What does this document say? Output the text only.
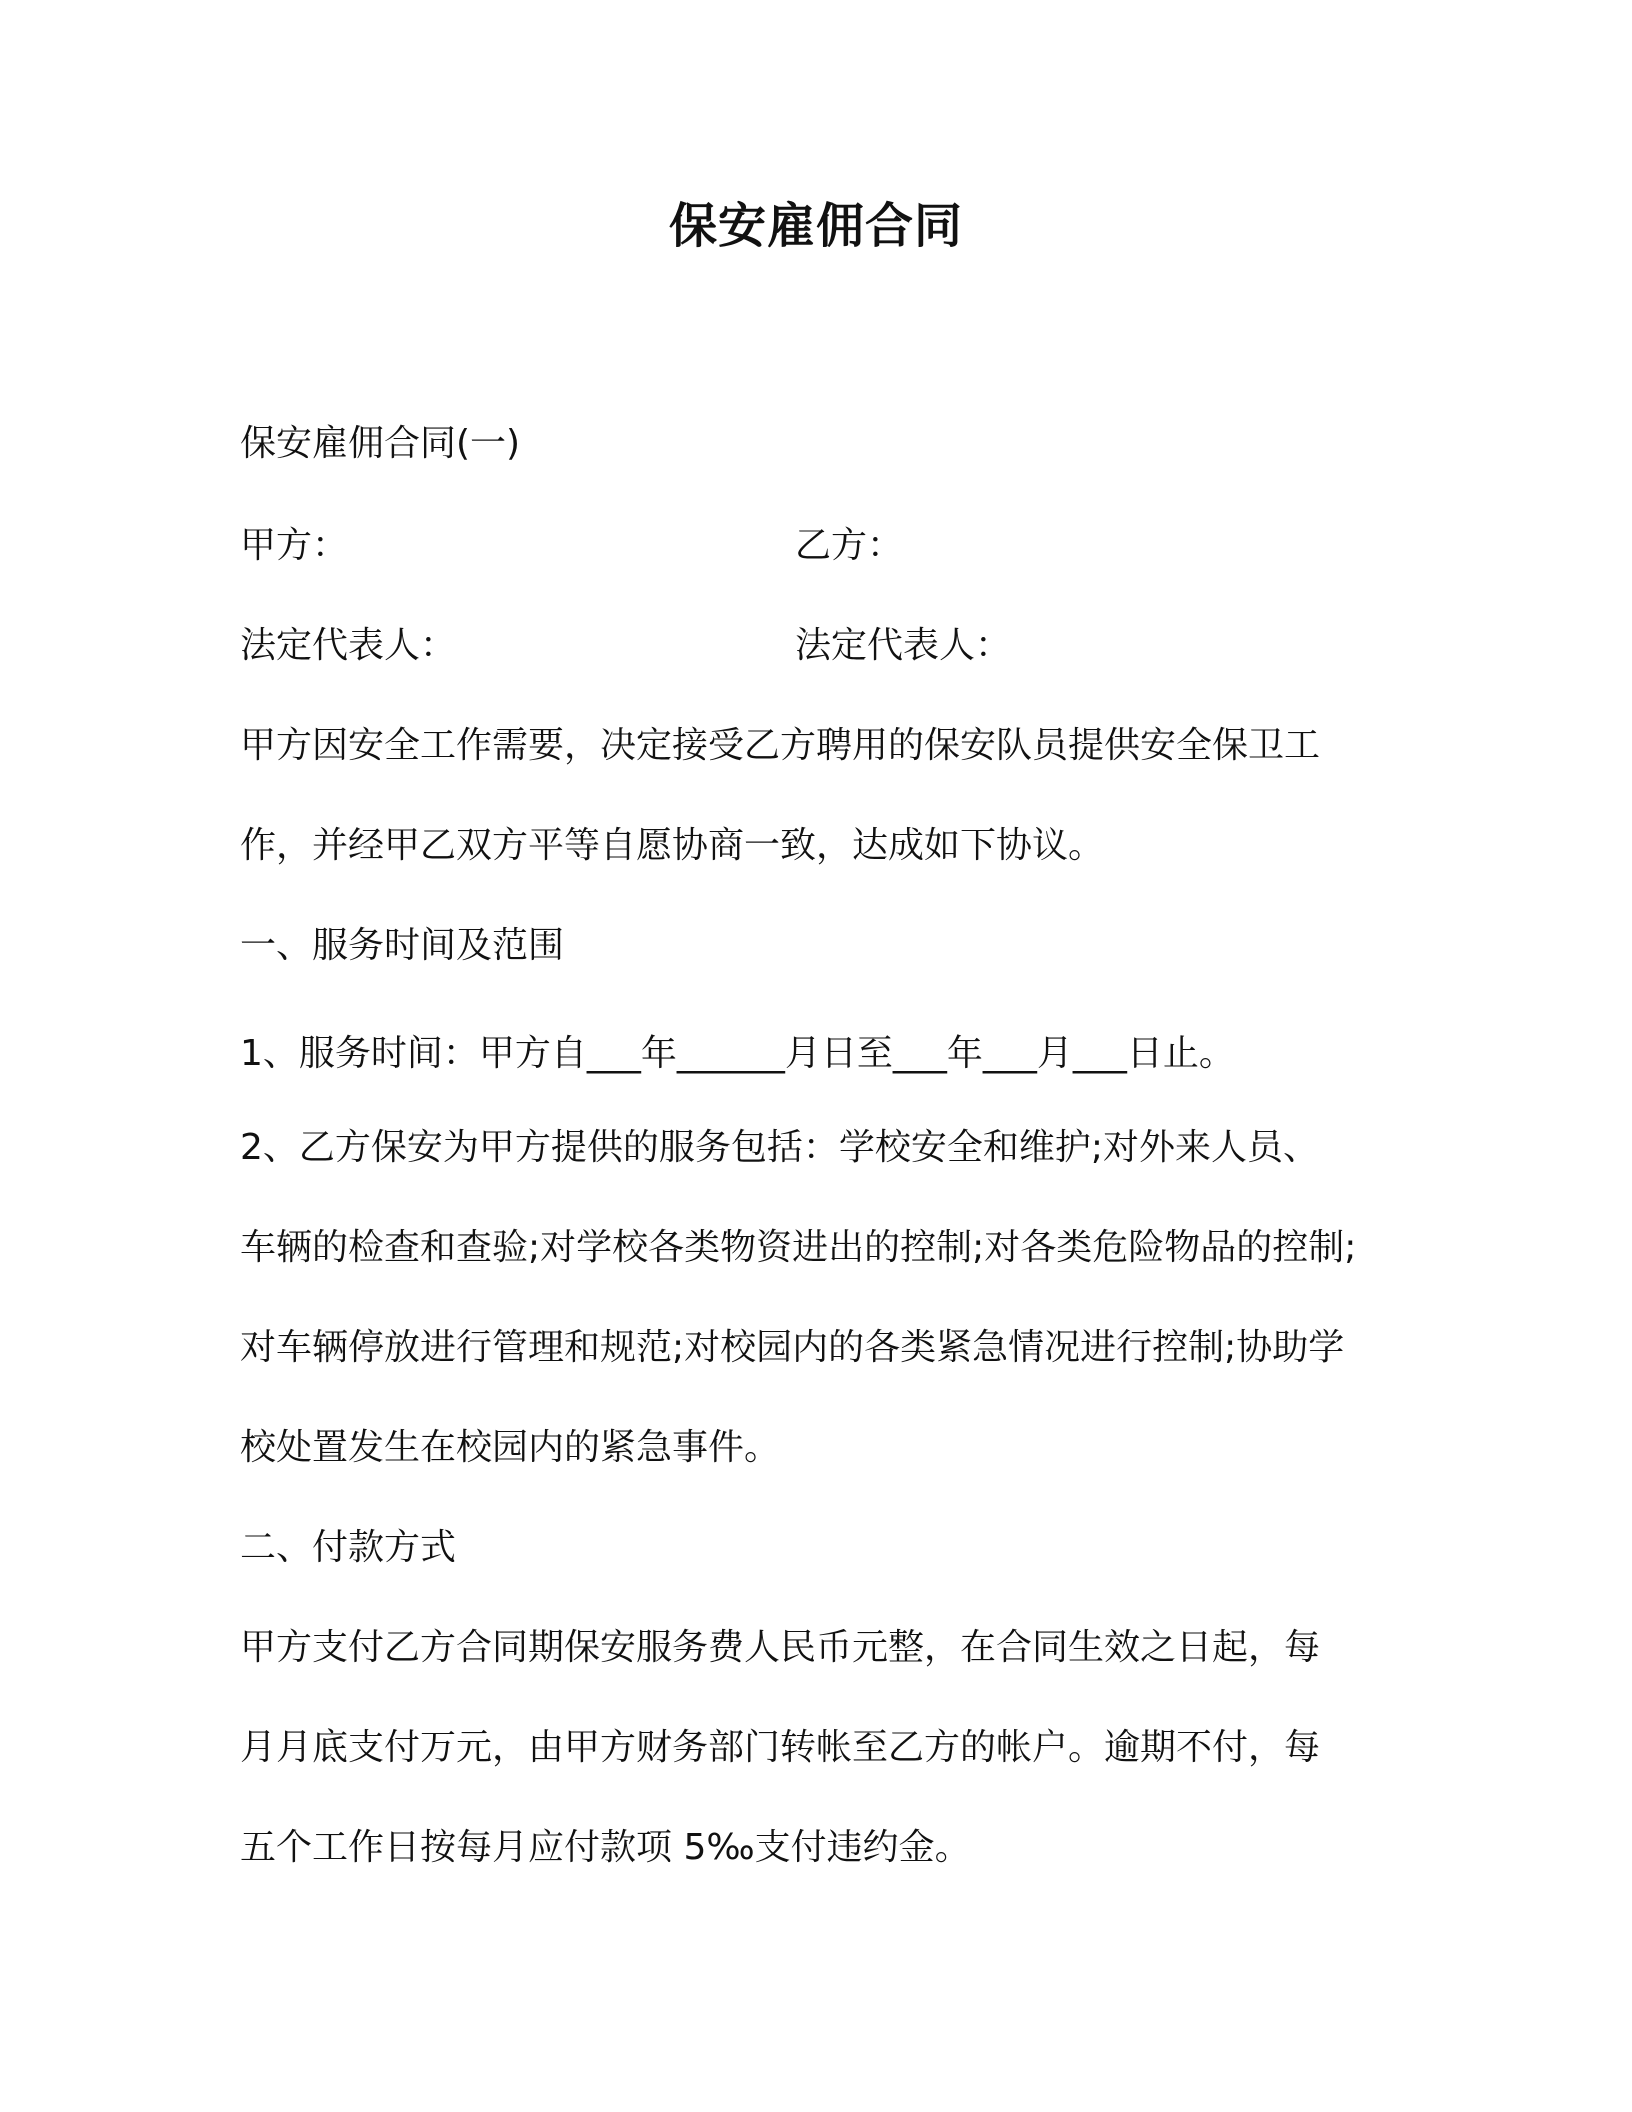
保安雇佣合同
保安雇佣合同(一)
甲方：	乙方：
法定代表人：	法定代表人：
甲方因安全工作需要，决定接受乙方聘用的保安队员提供安全保卫工
作，并经甲乙双方平等自愿协商一致，达成如下协议。
一、服务时间及范围
1、服务时间：甲方自___年______月日至___年___月___日止。
2、乙方保安为甲方提供的服务包括：学校安全和维护;对外来人员、
车辆的检查和查验;对学校各类物资进出的控制;对各类危险物品的控制;
对车辆停放进行管理和规范;对校园内的各类紧急情况进行控制;协助学
校处置发生在校园内的紧急事件。
二、付款方式
甲方支付乙方合同期保安服务费人民币元整，在合同生效之日起，每
月月底支付万元，由甲方财务部门转帐至乙方的帐户。逾期不付，每
五个工作日按每月应付款项 5‰支付违约金。
